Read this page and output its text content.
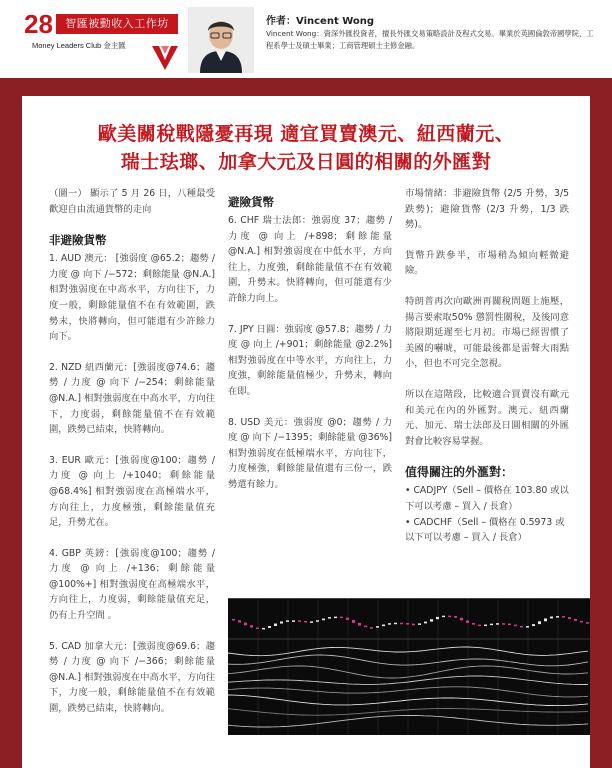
28	智匯被動收入工作坊
Money Leaders Club 金主匯
作者：Vincent Wong
Vincent Wong：資深外匯投資者，擅長外匯交易策略設計及程式交易。畢業於英國倫敦帝國學院，工程系學士及碩士畢業；工商管理碩士主修金融。
歐美關稅戰隱憂再現 適宜買賣澳元、紐西蘭元、
瑞士珐瑯、加拿大元及日圓的相關的外匯對

（圖一） 顯示了 5 月 26 日，八種最受歡迎自由流通貨幣的走向

非避險貨幣

1. AUD 澳元： [強弱度 @65.2；趨勢 / 力度 @ 向下 /−572；剩餘能量 @N.A.] 相對強弱度在中高水平，方向往下，力度一般，剩餘能量值不在有效範圍，跌勢末，快將轉向，但可能還有少許餘力向下。

2. NZD 紐西蘭元：[強弱度@74.6；趨勢 / 力度 @ 向下 /−254；剩餘能量 @N.A.] 相對強弱度在中高水平，方向往下，力度弱，剩餘能量值不在有效範圍，跌勢已結束，快將轉向。

3. EUR 歐元：[強弱度@100；趨勢 / 力度 @ 向上 /+1040；剩餘能量 @68.4%] 相對強弱度在高極端水平，方向往上，力度極強，剩餘能量值充足，升勢尤在。

4. GBP 英鎊：[強弱度@100；趨勢 / 力度 @ 向上 /+136；剩餘能量 @100%+] 相對強弱度在高極端水平，方向往上，力度弱，剩餘能量值充足，仍有上升空間 。

5. CAD 加拿大元：[強弱度@69.6；趨勢 / 力度 @ 向下 /−366；剩餘能量 @N.A.] 相對強弱度在中高水平，方向往下，力度一般，剩餘能量值不在有效範圍，跌勢已結束，快將轉向。

避險貨幣

6. CHF 瑞士法郎：強弱度 37；趨勢 / 力度 @ 向上 /+898；剩餘能量 @N.A.] 相對強弱度在中低水平，方向往上，力度強，剩餘能量值不在有效範圍，升勢末。快將轉向，但可能還有少許餘力向上。

7. JPY 日圓：強弱度 @57.8；趨勢 / 力度 @ 向上 /+901；剩餘能量 @2.2%] 相對強弱度在中等水平，方向往上，力度強，剩餘能量值極少，升勢末，轉向在即。

8. USD 美元：強弱度 @0；趨勢 / 力度 @ 向下 /−1395；剩餘能量 @36%] 相對強弱度在低極端水平，方向往下，力度極強，剩餘能量值還有三份一，跌勢還有餘力。

市場情緒：非避險貨幣 (2/5 升勢，3/5 跌勢)；避險貨幣 (2/3 升勢，1/3 跌勢)。

貨幣升跌參半，市場稍為傾向輕微避險。

特朗普再次向歐洲再關稅問題上施壓，揚言要索取50% 懲罰性關稅，及後同意將限期延遲至七月初。市場已經習慣了美國的嚇唬，可能最後都是雷聲大雨點小，但也不可完全忽視。

所以在這階段，比較適合買賣沒有歐元和美元在內的外匯對。澳元、紐西蘭元、加元、瑞士法郎及日圓相關的外匯對會比較容易掌握。

值得關注的外滙對：
• CADJPY（Sell – 價格在 103.80 或以下可以考慮 – 買入 / 長倉）
• CADCHF（Sell – 價格在 0.5973 或以下可以考慮 – 買入 / 長倉）
